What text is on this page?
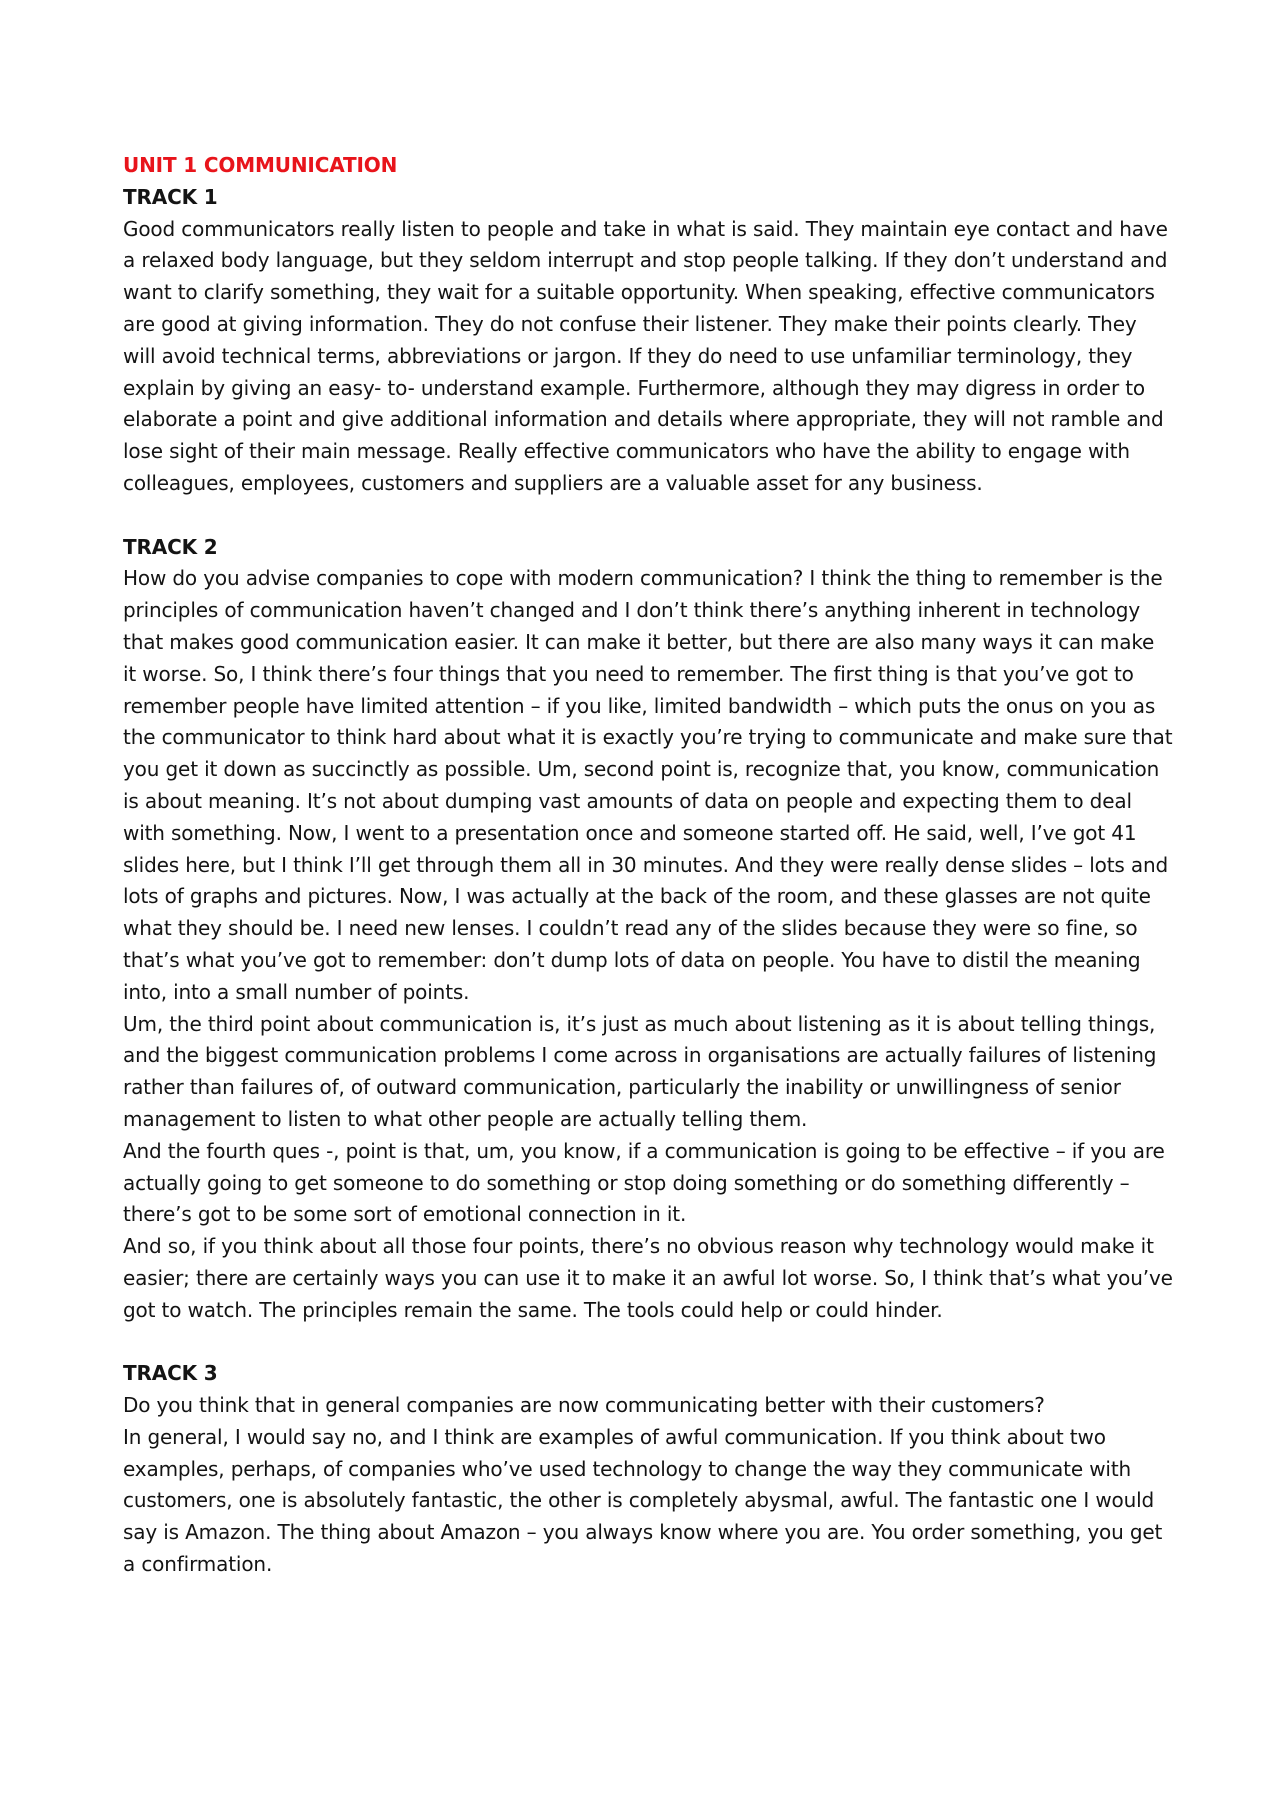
UNIT 1 COMMUNICATION

TRACK 1

Good communicators really listen to people and take in what is said. They maintain eye contact and have a relaxed body language, but they seldom interrupt and stop people talking. If they don’t understand and want to clarify something, they wait for a suitable opportunity. When speaking, effective communicators are good at giving information. They do not confuse their listener. They make their points clearly. They will avoid technical terms, abbreviations or jargon. If they do need to use unfamiliar terminology, they explain by giving an easy- to- understand example. Furthermore, although they may digress in order to elaborate a point and give additional information and details where appropriate, they will not ramble and lose sight of their main message. Really effective communicators who have the ability to engage with colleagues, employees, customers and suppliers are a valuable asset for any business.

TRACK 2

How do you advise companies to cope with modern communication? I think the thing to remember is the principles of communication haven’t changed and I don’t think there’s anything inherent in technology that makes good communication easier. It can make it better, but there are also many ways it can make it worse. So, I think there’s four things that you need to remember. The first thing is that you’ve got to remember people have limited attention – if you like, limited bandwidth – which puts the onus on you as the communicator to think hard about what it is exactly you’re trying to communicate and make sure that you get it down as succinctly as possible. Um, second point is, recognize that, you know, communication is about meaning. It’s not about dumping vast amounts of data on people and expecting them to deal with something. Now, I went to a presentation once and someone started off. He said, well, I’ve got 41 slides here, but I think I’ll get through them all in 30 minutes. And they were really dense slides – lots and lots of graphs and pictures. Now, I was actually at the back of the room, and these glasses are not quite what they should be. I need new lenses. I couldn’t read any of the slides because they were so fine, so that’s what you’ve got to remember: don’t dump lots of data on people. You have to distil the meaning into, into a small number of points.

Um, the third point about communication is, it’s just as much about listening as it is about telling things, and the biggest communication problems I come across in organisations are actually failures of listening rather than failures of, of outward communication, particularly the inability or unwillingness of senior management to listen to what other people are actually telling them.

And the fourth ques -, point is that, um, you know, if a communication is going to be effective – if you are actually going to get someone to do something or stop doing something or do something differently – there’s got to be some sort of emotional connection in it.

And so, if you think about all those four points, there’s no obvious reason why technology would make it easier; there are certainly ways you can use it to make it an awful lot worse. So, I think that’s what you’ve got to watch. The principles remain the same. The tools could help or could hinder.

TRACK 3

Do you think that in general companies are now communicating better with their customers?

In general, I would say no, and I think are examples of awful communication. If you think about two examples, perhaps, of companies who’ve used technology to change the way they communicate with customers, one is absolutely fantastic, the other is completely abysmal, awful. The fantastic one I would say is Amazon. The thing about Amazon – you always know where you are. You order something, you get a confirmation.
